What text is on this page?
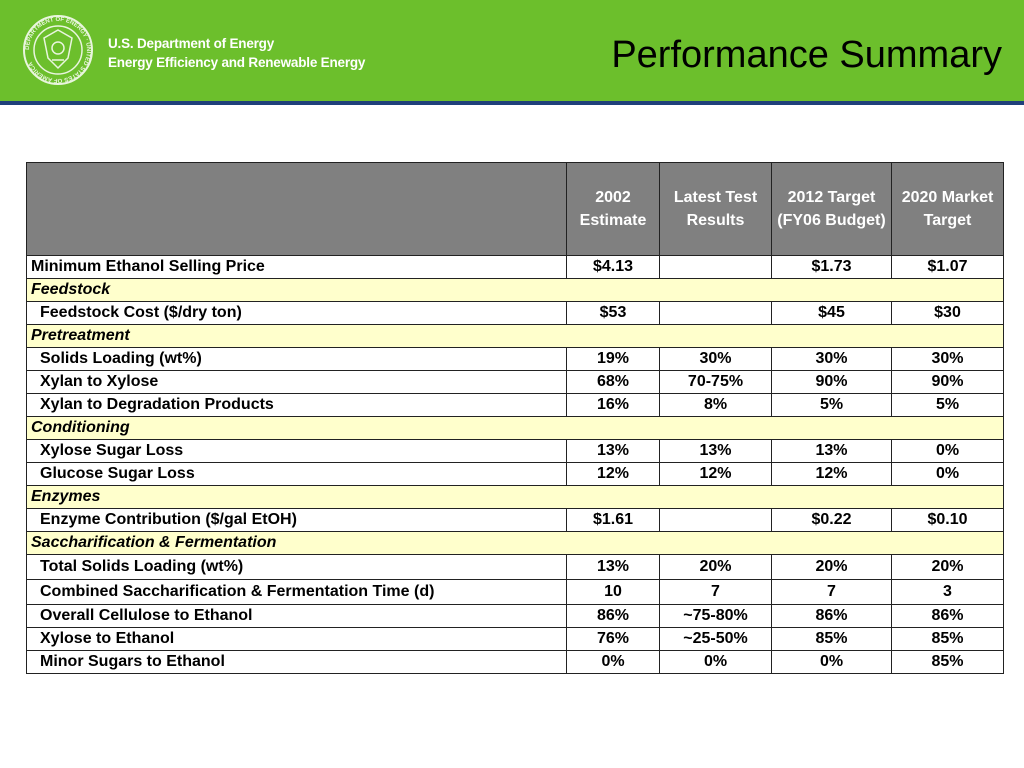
DEPARTMENT OF ENERGY · UNITED STATES OF AMERICA
U.S. Department of Energy
Energy Efficiency and Renewable Energy	Performance Summary
	2002 Estimate	Latest Test Results	2012 Target (FY06 Budget)	2020 Market Target
Minimum Ethanol Selling Price	$4.13		$1.73	$1.07
Feedstock				
Feedstock Cost ($/dry ton)	$53		$45	$30
Pretreatment				
Solids Loading (wt%)	19%	30%	30%	30%
Xylan to Xylose	68%	70-75%	90%	90%
Xylan to Degradation Products	16%	8%	5%	5%
Conditioning				
Xylose Sugar Loss	13%	13%	13%	0%
Glucose Sugar Loss	12%	12%	12%	0%
Enzymes				
Enzyme Contribution ($/gal EtOH)	$1.61		$0.22	$0.10
Saccharification & Fermentation				
Total Solids Loading (wt%)	13%	20%	20%	20%
Combined Saccharification & Fermentation Time (d)	10	7	7	3
Overall Cellulose to Ethanol	86%	~75-80%	86%	86%
Xylose to Ethanol	76%	~25-50%	85%	85%
Minor Sugars to Ethanol	0%	0%	0%	85%
